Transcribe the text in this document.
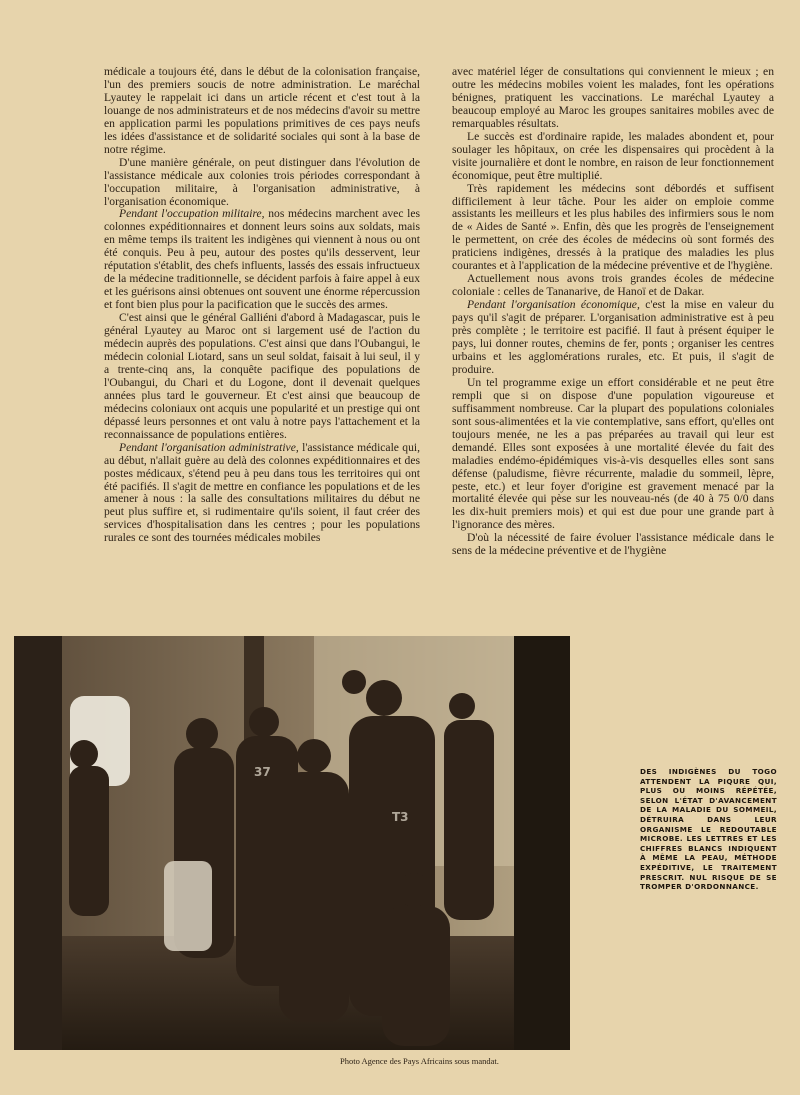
médicale a toujours été, dans le début de la colonisation française, l'un des premiers soucis de notre administration. Le maréchal Lyautey le rappelait ici dans un article récent et c'est tout à la louange de nos administrateurs et de nos médecins d'avoir su mettre en application parmi les populations primitives de ces pays neufs les idées d'assistance et de solidarité sociales qui sont à la base de notre régime.

D'une manière générale, on peut distinguer dans l'évolution de l'assistance médicale aux colonies trois périodes correspondant à l'occupation militaire, à l'organisation administrative, à l'organisation économique.

Pendant l'occupation militaire, nos médecins marchent avec les colonnes expéditionnaires et donnent leurs soins aux soldats, mais en même temps ils traitent les indigènes qui viennent à nous ou ont été conquis. Peu à peu, autour des postes qu'ils desservent, leur réputation s'établit, des chefs influents, lassés des essais infructueux de la médecine traditionnelle, se décident parfois à faire appel à eux et les guérisons ainsi obtenues ont souvent une énorme répercussion et font bien plus pour la pacification que le succès des armes.

C'est ainsi que le général Galliéni d'abord à Madagascar, puis le général Lyautey au Maroc ont si largement usé de l'action du médecin auprès des populations. C'est ainsi que dans l'Oubangui, le médecin colonial Liotard, sans un seul soldat, faisait à lui seul, il y a trente-cinq ans, la conquête pacifique des populations de l'Oubangui, du Chari et du Logone, dont il devenait quelques années plus tard le gouverneur. Et c'est ainsi que beaucoup de médecins coloniaux ont acquis une popularité et un prestige qui ont dépassé leurs personnes et ont valu à notre pays l'attachement et la reconnaissance de populations entières.

Pendant l'organisation administrative, l'assistance médicale qui, au début, n'allait guère au delà des colonnes expéditionnaires et des postes médicaux, s'étend peu à peu dans tous les territoires qui ont été pacifiés. Il s'agit de mettre en confiance les populations et de les amener à nous : la salle des consultations militaires du début ne peut plus suffire et, si rudimentaire qu'ils soient, il faut créer des services d'hospitalisation dans les centres ; pour les populations rurales ce sont des tournées médicales mobiles

avec matériel léger de consultations qui conviennent le mieux ; en outre les médecins mobiles voient les malades, font les opérations bénignes, pratiquent les vaccinations. Le maréchal Lyautey a beaucoup employé au Maroc les groupes sanitaires mobiles avec de remarquables résultats.

Le succès est d'ordinaire rapide, les malades abondent et, pour soulager les hôpitaux, on crée les dispensaires qui procèdent à la visite journalière et dont le nombre, en raison de leur fonctionnement économique, peut être multiplié.

Très rapidement les médecins sont débordés et suffisent difficilement à leur tâche. Pour les aider on emploie comme assistants les meilleurs et les plus habiles des infirmiers sous le nom de « Aides de Santé ». Enfin, dès que les progrès de l'enseignement le permettent, on crée des écoles de médecins où sont formés des praticiens indigènes, dressés à la pratique des maladies les plus courantes et à l'application de la médecine préventive et de l'hygiène.

Actuellement nous avons trois grandes écoles de médecine coloniale : celles de Tananarive, de Hanoï et de Dakar.

Pendant l'organisation économique, c'est la mise en valeur du pays qu'il s'agit de préparer. L'organisation administrative est à peu près complète ; le territoire est pacifié. Il faut à présent équiper le pays, lui donner routes, chemins de fer, ponts ; organiser les centres urbains et les agglomérations rurales, etc. Et puis, il s'agit de produire.

Un tel programme exige un effort considérable et ne peut être rempli que si on dispose d'une population vigoureuse et suffisamment nombreuse. Car la plupart des populations coloniales sont sous-alimentées et la vie contemplative, sans effort, qu'elles ont toujours menée, ne les a pas préparées au travail qui leur est demandé. Elles sont exposées à une mortalité élevée du fait des maladies endémo-épidémiques vis-à-vis desquelles elles sont sans défense (paludisme, fièvre récurrente, maladie du sommeil, lèpre, peste, etc.) et leur foyer d'origine est gravement menacé par la mortalité élevée qui pèse sur les nouveau-nés (de 40 à 75 0/0 dans les dix-huit premiers mois) et qui est due pour une grande part à l'ignorance des mères.

D'où la nécessité de faire évoluer l'assistance médicale dans le sens de la médecine préventive et de l'hygiène

T3
37	DES INDIGÈNES DU TOGO ATTENDENT LA PIQURE QUI, PLUS OU MOINS RÉPÉTÉE, SELON L'ÉTAT D'AVANCEMENT DE LA MALADIE DU SOMMEIL, DÉTRUIRA DANS LEUR ORGANISME LE REDOUTABLE MICROBE. LES LETTRES ET LES CHIFFRES BLANCS INDIQUENT À MÊME LA PEAU, MÉTHODE EXPÉDITIVE, LE TRAITEMENT PRESCRIT. NUL RISQUE DE SE TROMPER D'ORDONNANCE.
Photo Agence des Pays Africains sous mandat.
